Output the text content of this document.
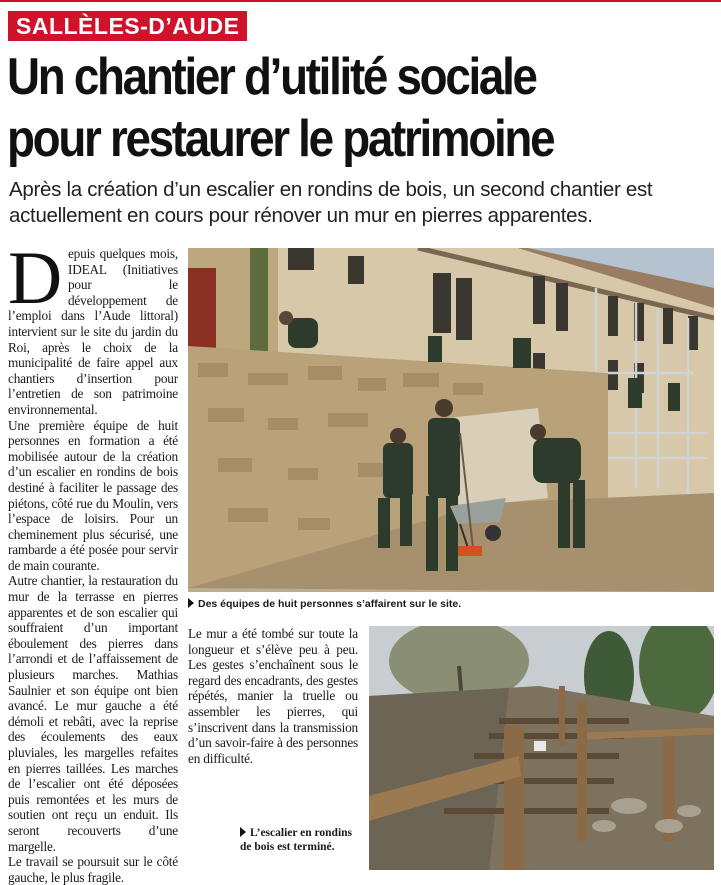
SALLÈLES-D’AUDE
Un chantier d’utilité sociale
pour restaurer le patrimoine

Après la création d’un escalier en rondins de bois, un second chantier est actuellement en cours pour rénover un mur en pierres apparentes.

Depuis quelques mois, IDEAL (Initiatives pour le développement de l’emploi dans l’Aude littoral) intervient sur le site du jardin du Roi, après le choix de la municipalité de faire appel aux chantiers d’insertion pour l’entretien de son patrimoine environnemental.

Une première équipe de huit personnes en formation a été mobilisée autour de la création d’un escalier en rondins de bois destiné à faciliter le passage des piétons, côté rue du Moulin, vers l’espace de loisirs. Pour un cheminement plus sécurisé, une rambarde a été posée pour servir de main courante.

Autre chantier, la restauration du mur de la terrasse en pierres apparentes et de son escalier qui souffraient d’un important éboulement des pierres dans l’arrondi et de l’affaissement de plusieurs marches. Mathias Saulnier et son équipe ont bien avancé. Le mur gauche a été démoli et rebâti, avec la reprise des écoulements des eaux pluviales, les margelles refaites en pierres taillées. Les marches de l’escalier ont été déposées puis remontées et les murs de soutien ont reçu un enduit. Ils seront recouverts d’une margelle.

Le travail se poursuit sur le côté gauche, le plus fragile.

Des équipes de huit personnes s’affairent sur le site.

Le mur a été tombé sur toute la longueur et s’élève peu à peu. Les gestes s’enchaînent sous le regard des encadrants, des gestes répétés, manier la truelle ou assembler les pierres, qui s’inscrivent dans la transmission d’un savoir-faire à des personnes en difficulté.

L’escalier en rondins de bois est terminé.
